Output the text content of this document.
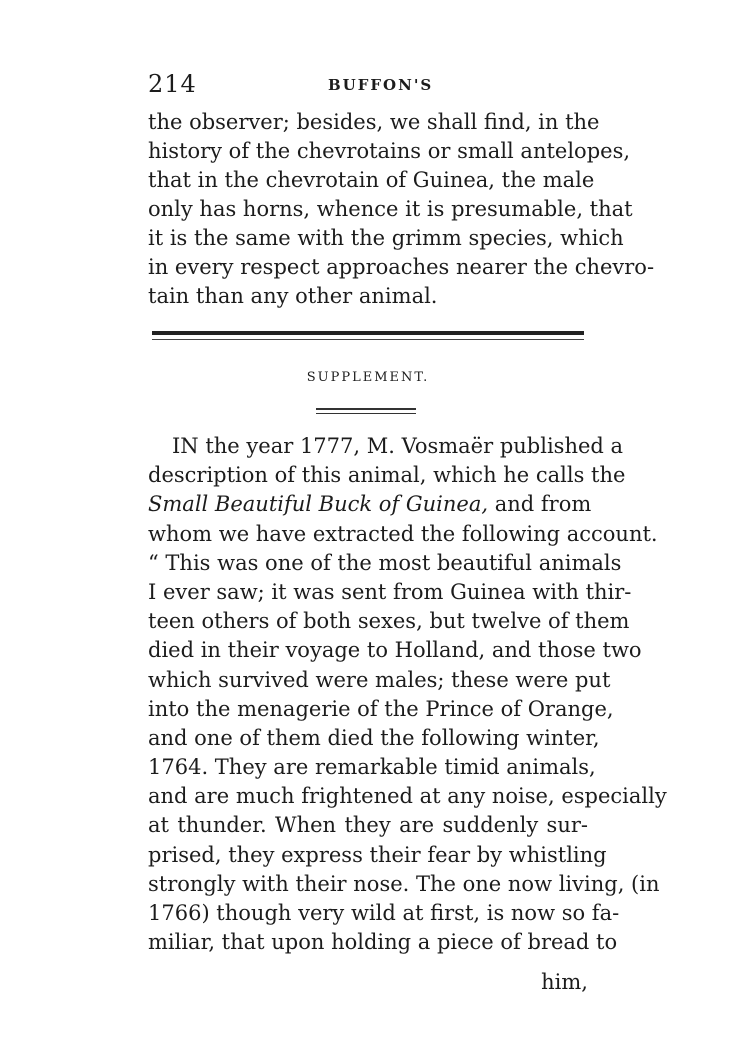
214	BUFFON'S
the observer; besides, we shall find, in the
history of the chevrotains or small antelopes,
that in the chevrotain of Guinea, the male
only has horns, whence it is presumable, that
it is the same with the grimm species, which
in every respect approaches nearer the chevro-
tain than any other animal.
SUPPLEMENT.
IN the year 1777, M. Vosmaër published a
description of this animal, which he calls the
Small Beautiful Buck of Guinea, and from
whom we have extracted the following account.
“ This was one of the most beautiful animals
I ever saw; it was sent from Guinea with thir-
teen others of both sexes, but twelve of them
died in their voyage to Holland, and those two
which survived were males; these were put
into the menagerie of the Prince of Orange,
and one of them died the following winter,
1764. They are remarkable timid animals,
and are much frightened at any noise, especially
at thunder. When they are suddenly sur-
prised, they express their fear by whistling
strongly with their nose. The one now living, (in
1766) though very wild at first, is now so fa-
miliar, that upon holding a piece of bread to
him,
